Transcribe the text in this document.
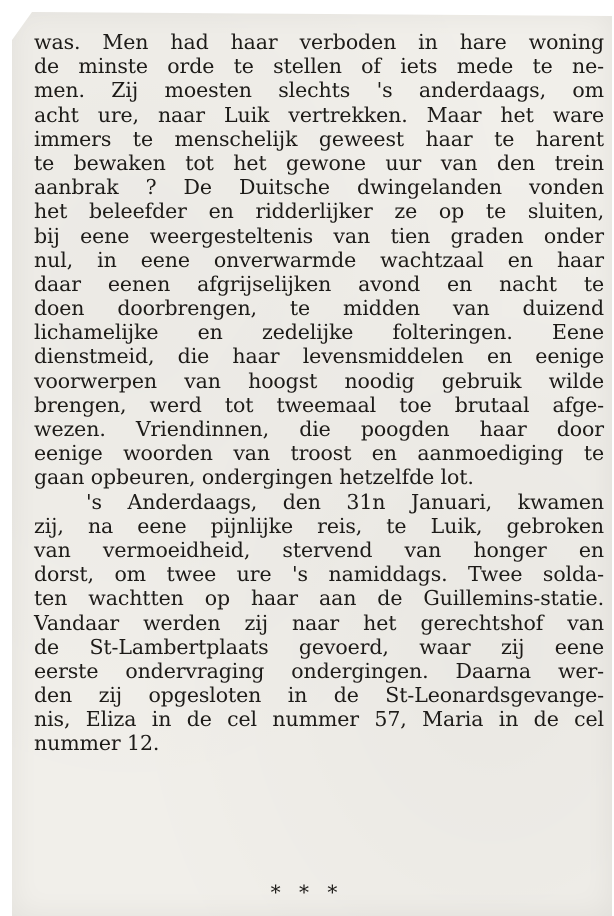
was. Men had haar verboden in hare woning
de minste orde te stellen of iets mede te ne-
men. Zij moesten slechts 's anderdaags, om
acht ure, naar Luik vertrekken. Maar het ware
immers te menschelijk geweest haar te harent
te bewaken tot het gewone uur van den trein
aanbrak ? De Duitsche dwingelanden vonden
het beleefder en ridderlijker ze op te sluiten,
bij eene weergesteltenis van tien graden onder
nul, in eene onverwarmde wachtzaal en haar
daar eenen afgrijselijken avond en nacht te
doen doorbrengen, te midden van duizend
lichamelijke en zedelijke folteringen. Eene
dienstmeid, die haar levensmiddelen en eenige
voorwerpen van hoogst noodig gebruik wilde
brengen, werd tot tweemaal toe brutaal afge-
wezen. Vriendinnen, die poogden haar door
eenige woorden van troost en aanmoediging te
gaan opbeuren, ondergingen hetzelfde lot.
's Anderdaags, den 31n Januari, kwamen
zij, na eene pijnlijke reis, te Luik, gebroken
van vermoeidheid, stervend van honger en
dorst, om twee ure 's namiddags. Twee solda-
ten wachtten op haar aan de Guillemins-statie.
Vandaar werden zij naar het gerechtshof van
de St-Lambertplaats gevoerd, waar zij eene
eerste ondervraging ondergingen. Daarna wer-
den zij opgesloten in de St-Leonardsgevange-
nis, Eliza in de cel nummer 57, Maria in de cel
nummer 12.
* * *
